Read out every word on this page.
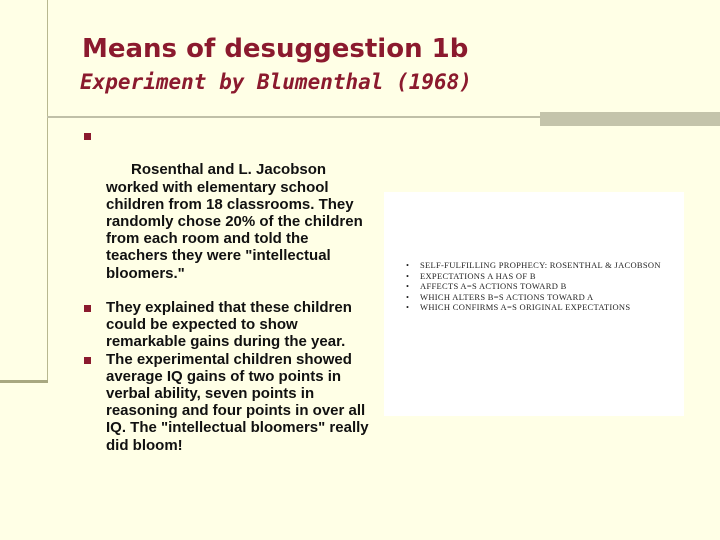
Means of desuggestion 1b
Experiment by Blumenthal (1968)

Rosenthal and L. Jacobson worked with elementary school children from 18 classrooms. They randomly chose 20% of the children from each room and told the teachers they were "intellectual bloomers."

They explained that these children could be expected to show remarkable gains during the year.
The experimental children showed average IQ gains of two points in verbal ability, seven points in reasoning and four points in over all IQ. The "intellectual bloomers" really did bloom!
• SELF-FULFILLING PROPHECY: ROSENTHAL & JACOBSON
• EXPECTATIONS A HAS OF B
• AFFECTS A=S ACTIONS TOWARD B
• WHICH ALTERS B=S ACTIONS TOWARD A
• WHICH CONFIRMS A=S ORIGINAL EXPECTATIONS
